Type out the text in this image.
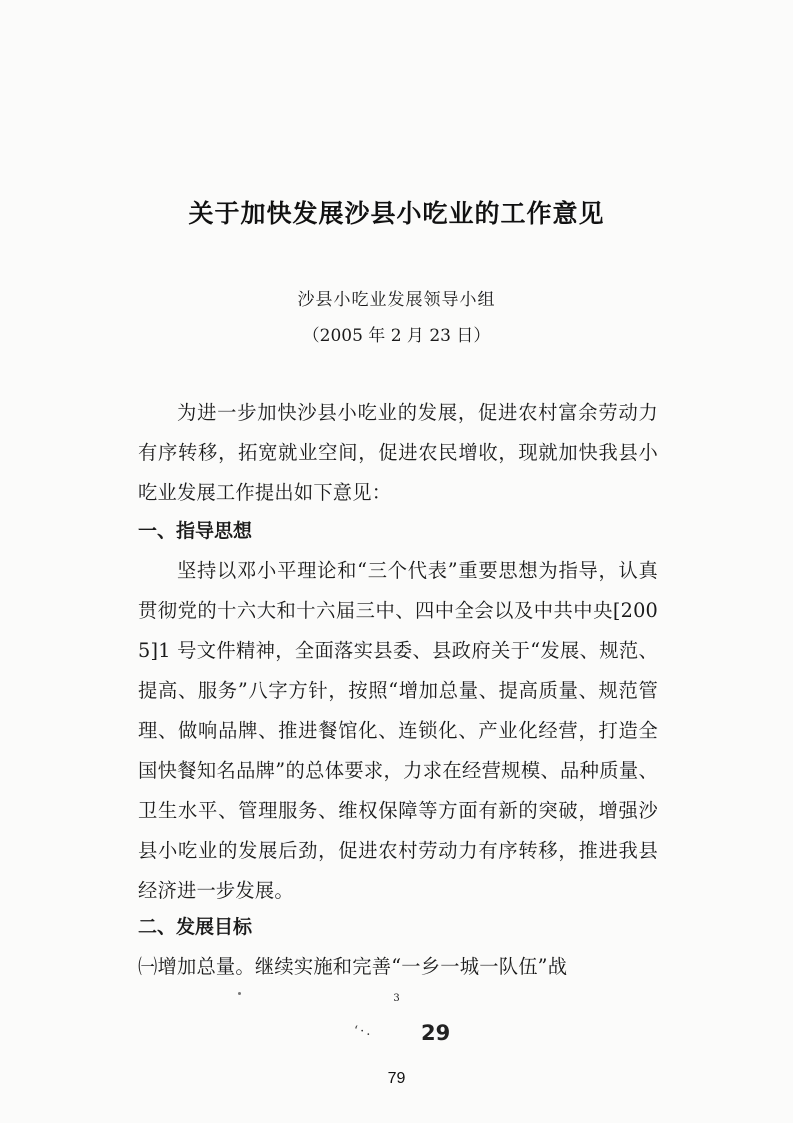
关于加快发展沙县小吃业的工作意见
沙县小吃业发展领导小组
（2005 年 2 月 23 日）

为进一步加快沙县小吃业的发展，促进农村富余劳动力有序转移，拓宽就业空间，促进农民增收，现就加快我县小吃业发展工作提出如下意见：

一、指导思想

坚持以邓小平理论和“三个代表”重要思想为指导，认真贯彻党的十六大和十六届三中、四中全会以及中共中央[2005]1 号文件精神，全面落实县委、县政府关于“发展、规范、提高、服务”八字方针，按照“增加总量、提高质量、规范管理、做响品牌、推进餐馆化、连锁化、产业化经营，打造全国快餐知名品牌”的总体要求，力求在经营规模、品种质量、卫生水平、管理服务、维权保障等方面有新的突破，增强沙县小吃业的发展后劲，促进农村劳动力有序转移，推进我县经济进一步发展。

二、发展目标

㈠增加总量。继续实施和完善“一乡一城一队伍”战

3
‘·. 29
79
